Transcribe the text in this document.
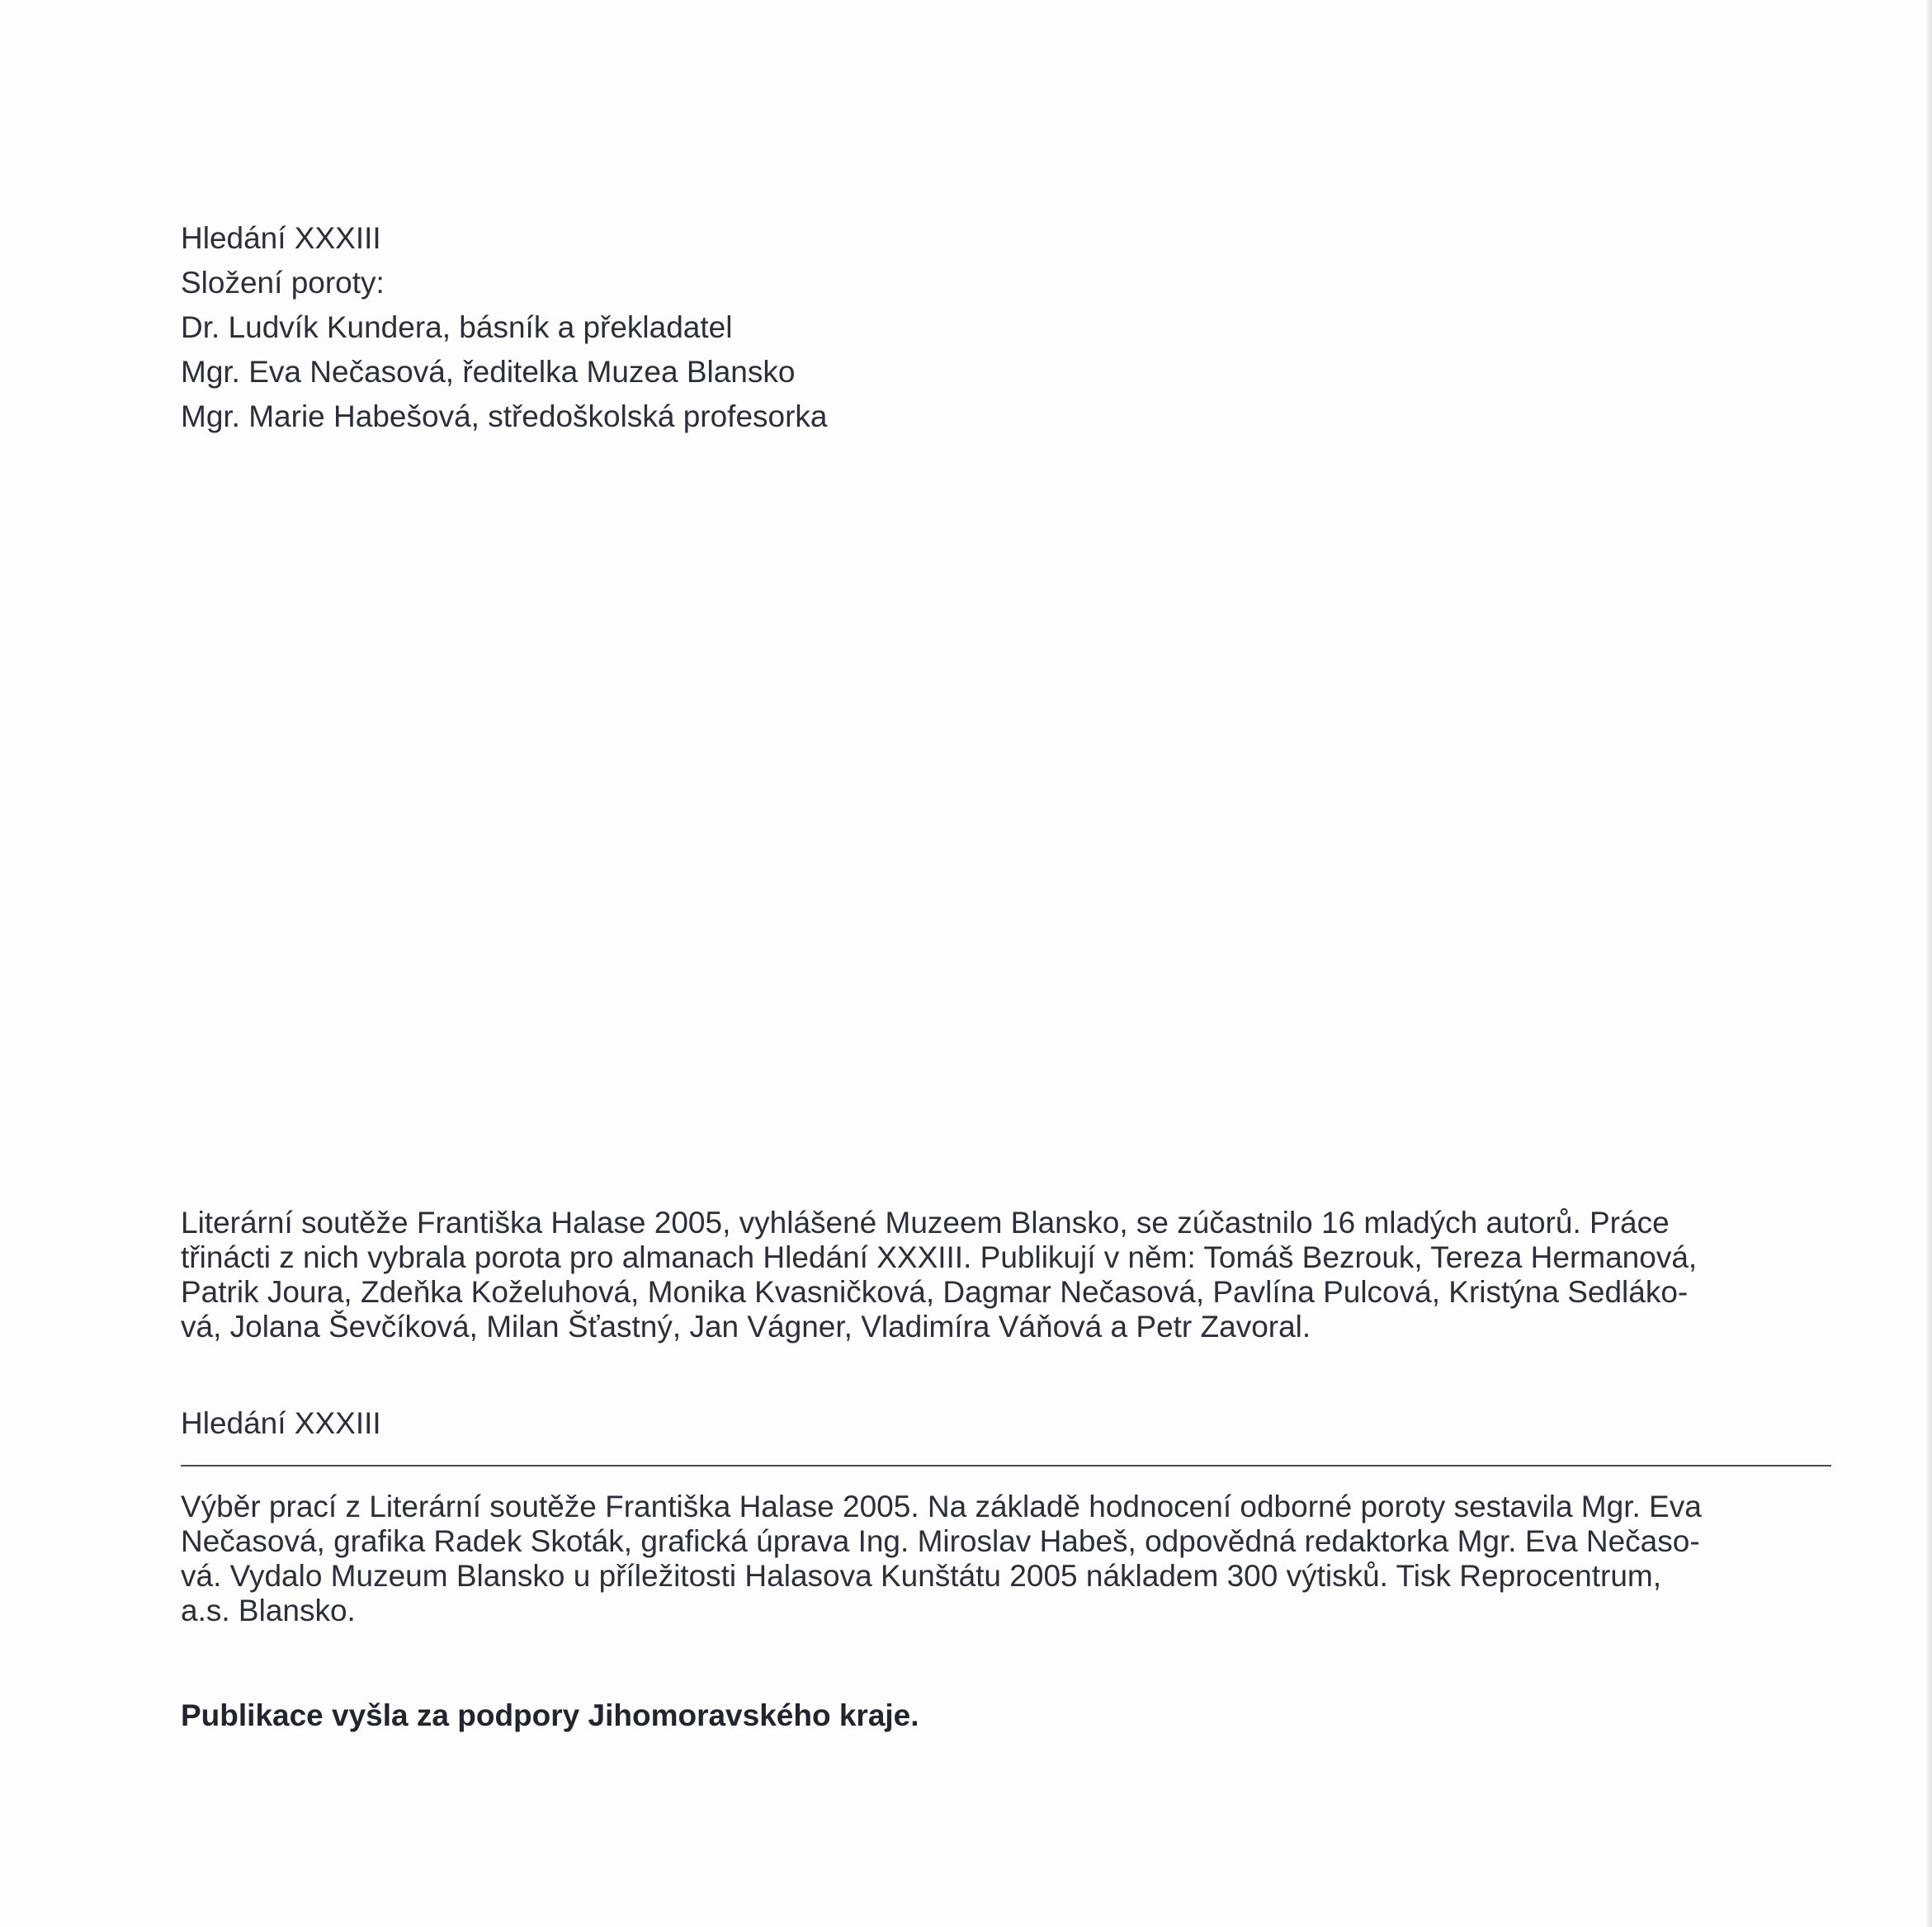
Hledání XXXIII
Složení poroty:
Dr. Ludvík Kundera, básník a překladatel
Mgr. Eva Nečasová, ředitelka Muzea Blansko
Mgr. Marie Habešová, středoškolská profesorka
Literární soutěže Františka Halase 2005, vyhlášené Muzeem Blansko, se zúčastnilo 16 mladých autorů. Práce
třinácti z nich vybrala porota pro almanach Hledání XXXIII. Publikují v něm: Tomáš Bezrouk, Tereza Hermanová,
Patrik Joura, Zdeňka Koželuhová, Monika Kvasničková, Dagmar Nečasová, Pavlína Pulcová, Kristýna Sedláko-
vá, Jolana Ševčíková, Milan Šťastný, Jan Vágner, Vladimíra Váňová a Petr Zavoral.
Hledání XXXIII
Výběr prací z Literární soutěže Františka Halase 2005. Na základě hodnocení odborné poroty sestavila Mgr. Eva
Nečasová, grafika Radek Skoták, grafická úprava Ing. Miroslav Habeš, odpovědná redaktorka Mgr. Eva Nečaso-
vá. Vydalo Muzeum Blansko u příležitosti Halasova Kunštátu 2005 nákladem 300 výtisků. Tisk Reprocentrum,
a.s. Blansko.
Publikace vyšla za podpory Jihomoravského kraje.
